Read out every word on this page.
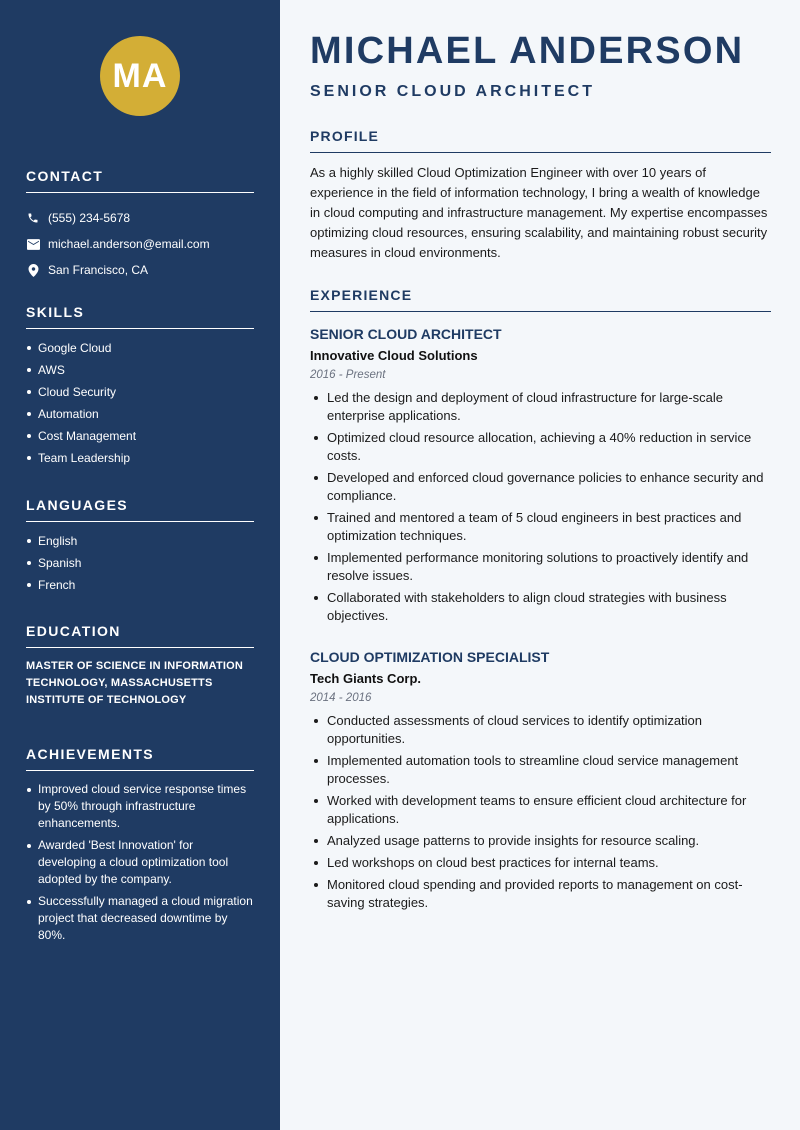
MA
CONTACT
(555) 234-5678
michael.anderson@email.com
San Francisco, CA
SKILLS
Google Cloud
AWS
Cloud Security
Automation
Cost Management
Team Leadership
LANGUAGES
English
Spanish
French
EDUCATION
MASTER OF SCIENCE IN INFORMATION TECHNOLOGY, MASSACHUSETTS INSTITUTE OF TECHNOLOGY
ACHIEVEMENTS
Improved cloud service response times by 50% through infrastructure enhancements.
Awarded 'Best Innovation' for developing a cloud optimization tool adopted by the company.
Successfully managed a cloud migration project that decreased downtime by 80%.
MICHAEL ANDERSON
SENIOR CLOUD ARCHITECT
PROFILE

As a highly skilled Cloud Optimization Engineer with over 10 years of experience in the field of information technology, I bring a wealth of knowledge in cloud computing and infrastructure management. My expertise encompasses optimizing cloud resources, ensuring scalability, and maintaining robust security measures in cloud environments.

EXPERIENCE
SENIOR CLOUD ARCHITECT
Innovative Cloud Solutions
2016 - Present
Led the design and deployment of cloud infrastructure for large-scale enterprise applications.
Optimized cloud resource allocation, achieving a 40% reduction in service costs.
Developed and enforced cloud governance policies to enhance security and compliance.
Trained and mentored a team of 5 cloud engineers in best practices and optimization techniques.
Implemented performance monitoring solutions to proactively identify and resolve issues.
Collaborated with stakeholders to align cloud strategies with business objectives.
CLOUD OPTIMIZATION SPECIALIST
Tech Giants Corp.
2014 - 2016
Conducted assessments of cloud services to identify optimization opportunities.
Implemented automation tools to streamline cloud service management processes.
Worked with development teams to ensure efficient cloud architecture for applications.
Analyzed usage patterns to provide insights for resource scaling.
Led workshops on cloud best practices for internal teams.
Monitored cloud spending and provided reports to management on cost-saving strategies.
